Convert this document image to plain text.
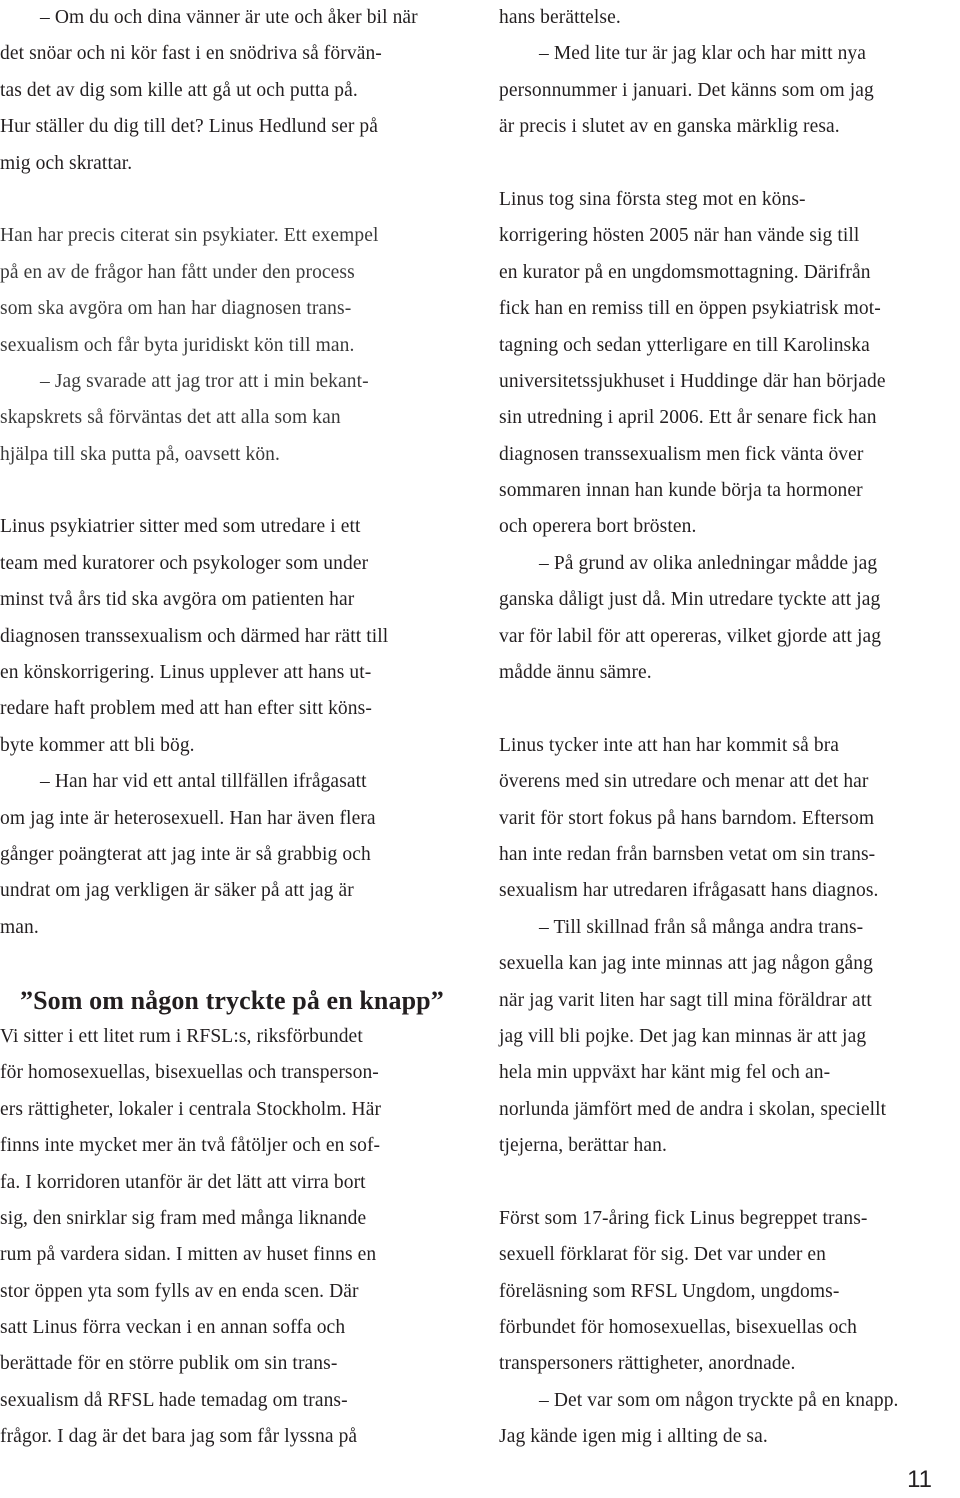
– Om du och dina vänner är ute och åker bil när
det snöar och ni kör fast i en snödriva så förvän-
tas det av dig som kille att gå ut och putta på.
Hur ställer du dig till det? Linus Hedlund ser på
mig och skrattar.
Han har precis citerat sin psykiater. Ett exempel
på en av de frågor han fått under den process
som ska avgöra om han har diagnosen trans-
sexualism och får byta juridiskt kön till man.
– Jag svarade att jag tror att i min bekant-
skapskrets så förväntas det att alla som kan
hjälpa till ska putta på, oavsett kön.
Linus psykiatrier sitter med som utredare i ett
team med kuratorer och psykologer som under
minst två års tid ska avgöra om patienten har
diagnosen transsexualism och därmed har rätt till
en könskorrigering. Linus upplever att hans ut-
redare haft problem med att han efter sitt köns-
byte kommer att bli bög.
– Han har vid ett antal tillfällen ifrågasatt
om jag inte är heterosexuell. Han har även flera
gånger poängterat att jag inte är så grabbig och
undrat om jag verkligen är säker på att jag är
man.
”Som om någon tryckte på en knapp”
Vi sitter i ett litet rum i RFSL:s, riksförbundet
för homosexuellas, bisexuellas och transperson-
ers rättigheter, lokaler i centrala Stockholm. Här
finns inte mycket mer än två fåtöljer och en sof-
fa. I korridoren utanför är det lätt att virra bort
sig, den snirklar sig fram med många liknande
rum på vardera sidan. I mitten av huset finns en
stor öppen yta som fylls av en enda scen. Där
satt Linus förra veckan i en annan soffa och
berättade för en större publik om sin trans-
sexualism då RFSL hade temadag om trans-
frågor. I dag är det bara jag som får lyssna på
hans berättelse.
– Med lite tur är jag klar och har mitt nya
personnummer i januari. Det känns som om jag
är precis i slutet av en ganska märklig resa.
Linus tog sina första steg mot en köns-
korrigering hösten 2005 när han vände sig till
en kurator på en ungdomsmottagning. Därifrån
fick han en remiss till en öppen psykiatrisk mot-
tagning och sedan ytterligare en till Karolinska
universitetssjukhuset i Huddinge där han började
sin utredning i april 2006. Ett år senare fick han
diagnosen transsexualism men fick vänta över
sommaren innan han kunde börja ta hormoner
och operera bort brösten.
– På grund av olika anledningar mådde jag
ganska dåligt just då. Min utredare tyckte att jag
var för labil för att opereras, vilket gjorde att jag
mådde ännu sämre.
Linus tycker inte att han har kommit så bra
överens med sin utredare och menar att det har
varit för stort fokus på hans barndom. Eftersom
han inte redan från barnsben vetat om sin trans-
sexualism har utredaren ifrågasatt hans diagnos.
– Till skillnad från så många andra trans-
sexuella kan jag inte minnas att jag någon gång
när jag varit liten har sagt till mina föräldrar att
jag vill bli pojke. Det jag kan minnas är att jag
hela min uppväxt har känt mig fel och an-
norlunda jämfört med de andra i skolan, speciellt
tjejerna, berättar han.
Först som 17-åring fick Linus begreppet trans-
sexuell förklarat för sig. Det var under en
föreläsning som RFSL Ungdom, ungdoms-
förbundet för homosexuellas, bisexuellas och
transpersoners rättigheter, anordnade.
– Det var som om någon tryckte på en knapp.
Jag kände igen mig i allting de sa.
11
